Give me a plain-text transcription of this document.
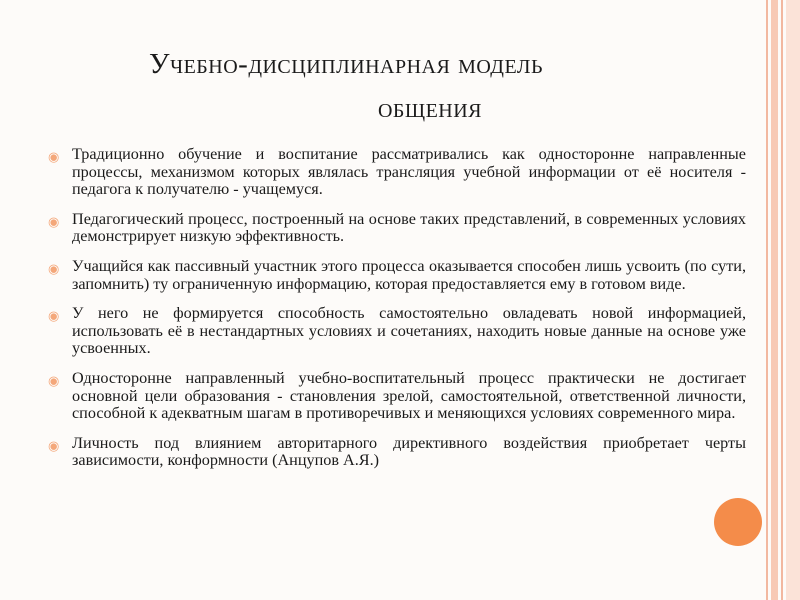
Учебно-дисциплинарная модель
общения
◉ Традиционно обучение и воспитание рассматривались как односторонне направленные процессы, механизмом которых являлась трансляция учебной информации от её носителя - педагога к получателю - учащемуся.
◉ Педагогический процесс, построенный на основе таких представлений, в современных условиях демонстрирует низкую эффективность.
◉ Учащийся как пассивный участник этого процесса оказывается способен лишь усвоить (по сути, запомнить) ту ограниченную информацию, которая предоставляется ему в готовом виде.
◉ У него не формируется способность самостоятельно овладевать новой информацией, использовать её в нестандартных условиях и сочетаниях, находить новые данные на основе уже усвоенных.
◉ Односторонне направленный учебно-воспитательный процесс практически не достигает основной цели образования - становления зрелой, самостоятельной, ответственной личности, способной к адекватным шагам в противоречивых и меняющихся условиях современного мира.
◉ Личность под влиянием авторитарного директивного воздействия приобретает черты зависимости, конформности (Анцупов А.Я.)
